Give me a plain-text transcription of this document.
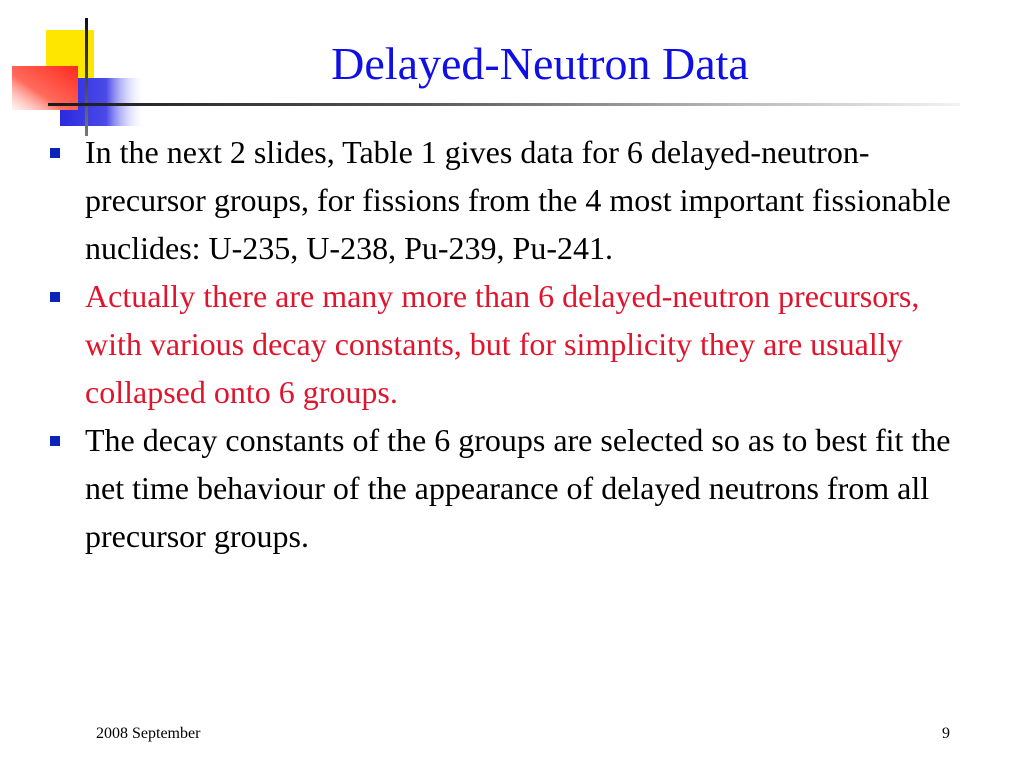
Delayed-Neutron Data
In the next 2 slides, Table 1 gives data for 6 delayed-neutron-precursor groups, for fissions from the 4 most important fissionable nuclides: U-235, U-238, Pu-239, Pu-241.
Actually there are many more than 6 delayed-neutron precursors, with various decay constants, but for simplicity they are usually collapsed onto 6 groups.
The decay constants of the 6 groups are selected so as to best fit the net time behaviour of the appearance of delayed neutrons from all precursor groups.
2008 September	9
